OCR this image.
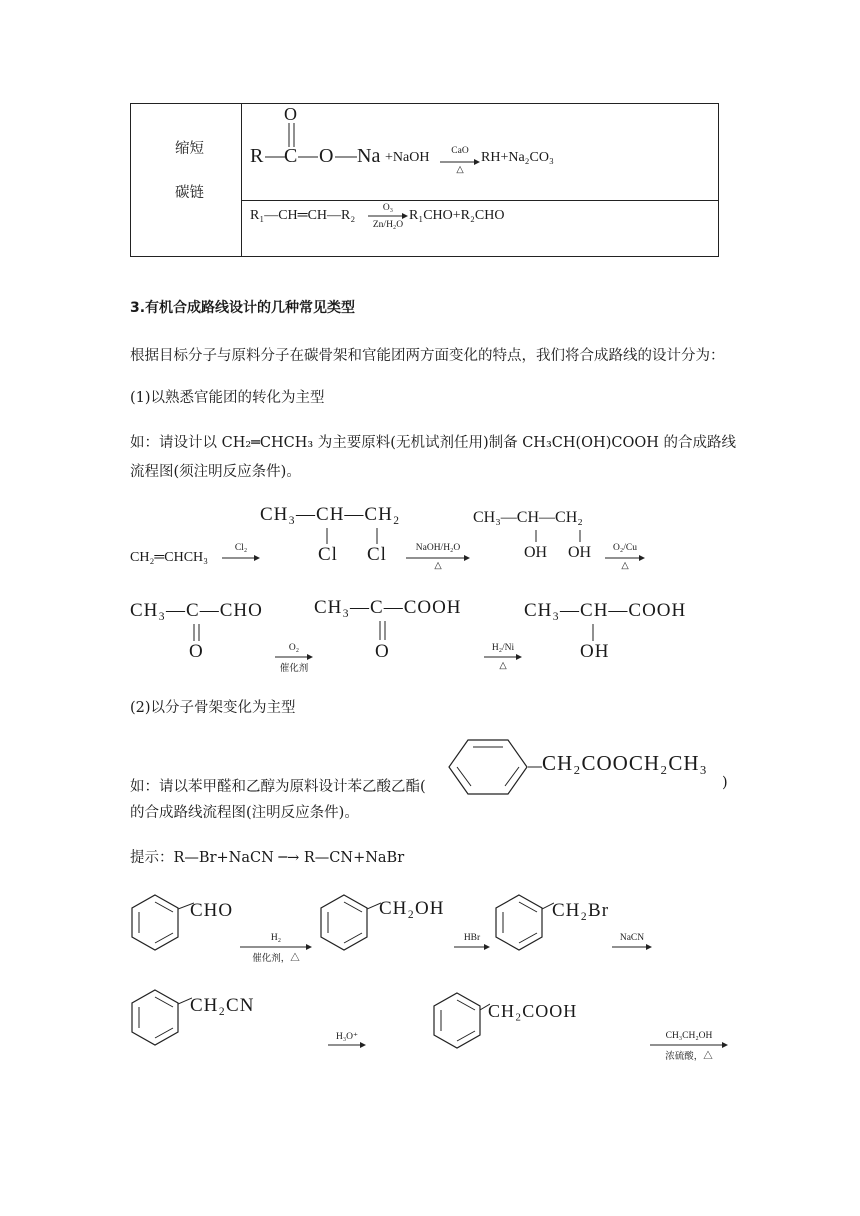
缩短
碳链
O
R C O Na +NaOH	CaO
△
RH+Na₂CO₃
R₁—CH═CH—R₂	O₃
Zn/H₂O
R₁CHO+R₂CHO
3.有机合成路线设计的几种常见类型
根据目标分子与原料分子在碳骨架和官能团两方面变化的特点，我们将合成路线的设计分为：
(1)以熟悉官能团的转化为主型
如：请设计以 CH₂═CHCH₃ 为主要原料(无机试剂任用)制备 CH₃CH(OH)COOH 的合成路线
流程图(须注明反应条件)。
CH₂═CHCH₃
Cl₂
CH₃—CH—CH₂
Cl Cl	NaOH/H₂O
△
CH₃—CH—CH₂
OH OH	O₂/Cu
△
CH₃—C—CHO
O
CH₃—C—COOH
O
O₂
催化剂
H₂/Ni
△
CH₃—CH—COOH
OH
(2)以分子骨架变化为主型
如：请以苯甲醛和乙醇为原料设计苯乙酸乙酯(
CH₂COOCH₂CH₃
)
的合成路线流程图(注明反应条件)。
提示：R—Br+NaCN ─→ R—CN+NaBr
CHO
H₂
催化剂，△
CH₂OH
HBr
CH₂Br
NaCN
CH₂CN
H₃O⁺
CH₂COOH
CH₃CH₂OH
浓硫酸，△
